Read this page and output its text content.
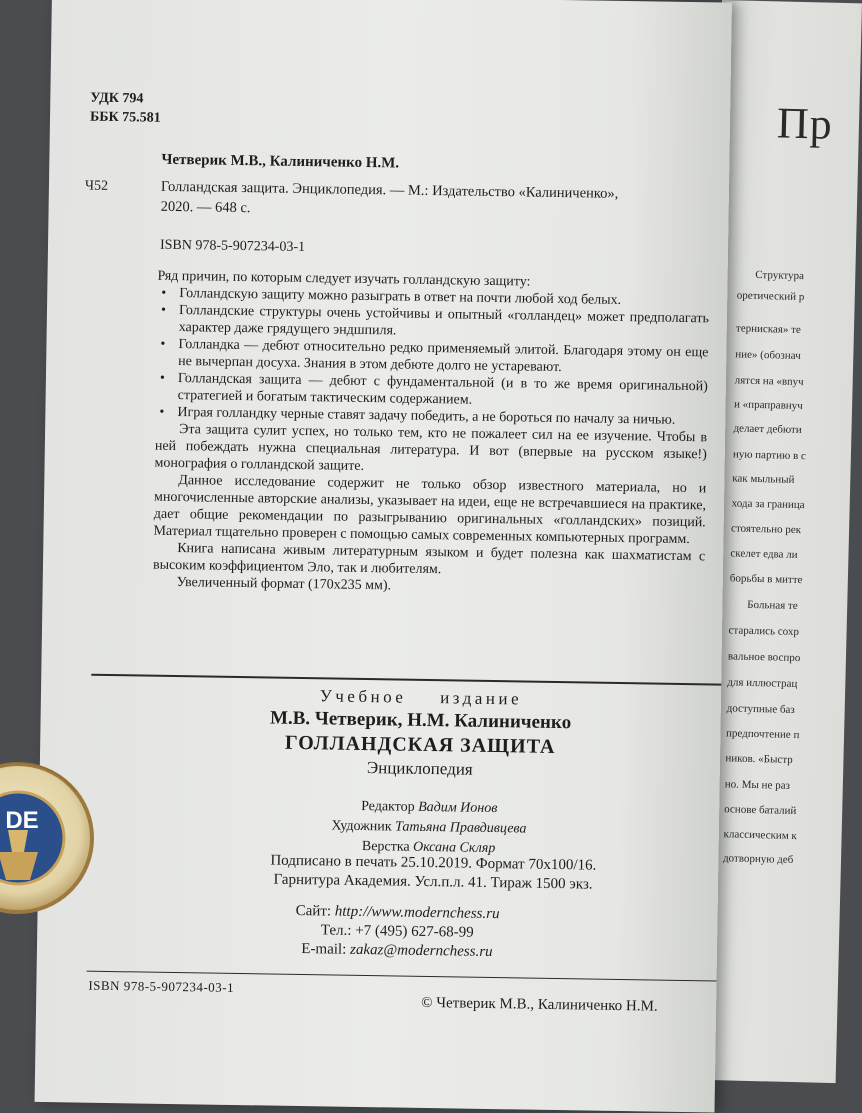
Пр
Структура
оретический р
терниская» те
ние» (обознач
лятся на «вnyч
и «праправнуч
делает дебюти
ную партию в с
как мыльный
хода за граница
стоятельно рек
скелет едва ли
борьбы в митте
Больная те
старались сохр
вальное воспро
для иллюстрац
доступные баз
предпочтение п
ников. «Быстр
но. Мы не раз
основе баталий
классическим к
дотворную деб
УДК 794
ББК 75.581
Четверик М.В., Калиниченко Н.М.
Ч52	Голландская защита. Энциклопедия. — М.: Издательство «Калиниченко»,
2020. — 648 с.
ISBN 978-5-907234-03-1

Ряд причин, по которым следует изучать голландскую защиту:

• Голландскую защиту можно разыграть в ответ на почти любой ход белых.
• Голландские структуры очень устойчивы и опытный «голландец» может предполагать характер даже грядущего эндшпиля.
• Голландка — дебют относительно редко применяемый элитой. Благодаря этому он еще не вычерпан досуха. Знания в этом дебюте долго не устаревают.
• Голландская защита — дебют с фундаментальной (и в то же время оригинальной) стратегией и богатым тактическим содержанием.
• Играя голландку черные ставят задачу победить, а не бороться по началу за ничью.

Эта защита сулит успех, но только тем, кто не пожалеет сил на ее изучение. Чтобы в ней побеждать нужна специальная литература. И вот (впервые на русском языке!) монография о голландской защите.

Данное исследование содержит не только обзор известного материала, но и многочисленные авторские анализы, указывает на идеи, еще не встречавшиеся на практике, дает общие рекомендации по разыгрыванию оригинальных «голландских» позиций. Материал тщательно проверен с помощью самых современных компьютерных программ.

Книга написана живым литературным языком и будет полезна как шахматистам с высоким коэффициентом Эло, так и любителям.

Увеличенный формат (170х235 мм).

Учебное издание
М.В. Четверик, Н.М. Калиниченко
ГОЛЛАНДСКАЯ ЗАЩИТА
Энциклопедия
Редактор Вадим Ионов
Художник Татьяна Правдивцева
Верстка Оксана Скляр
Подписано в печать 25.10.2019. Формат 70x100/16.
Гарнитура Академия. Усл.п.л. 41. Тираж 1500 экз.
Сайт: http://www.modernchess.ru
Тел.: +7 (495) 627-68-99
E-mail: zakaz@modernchess.ru
ISBN 978-5-907234-03-1
© Четверик М.В., Калиниченко Н.М.
DE
